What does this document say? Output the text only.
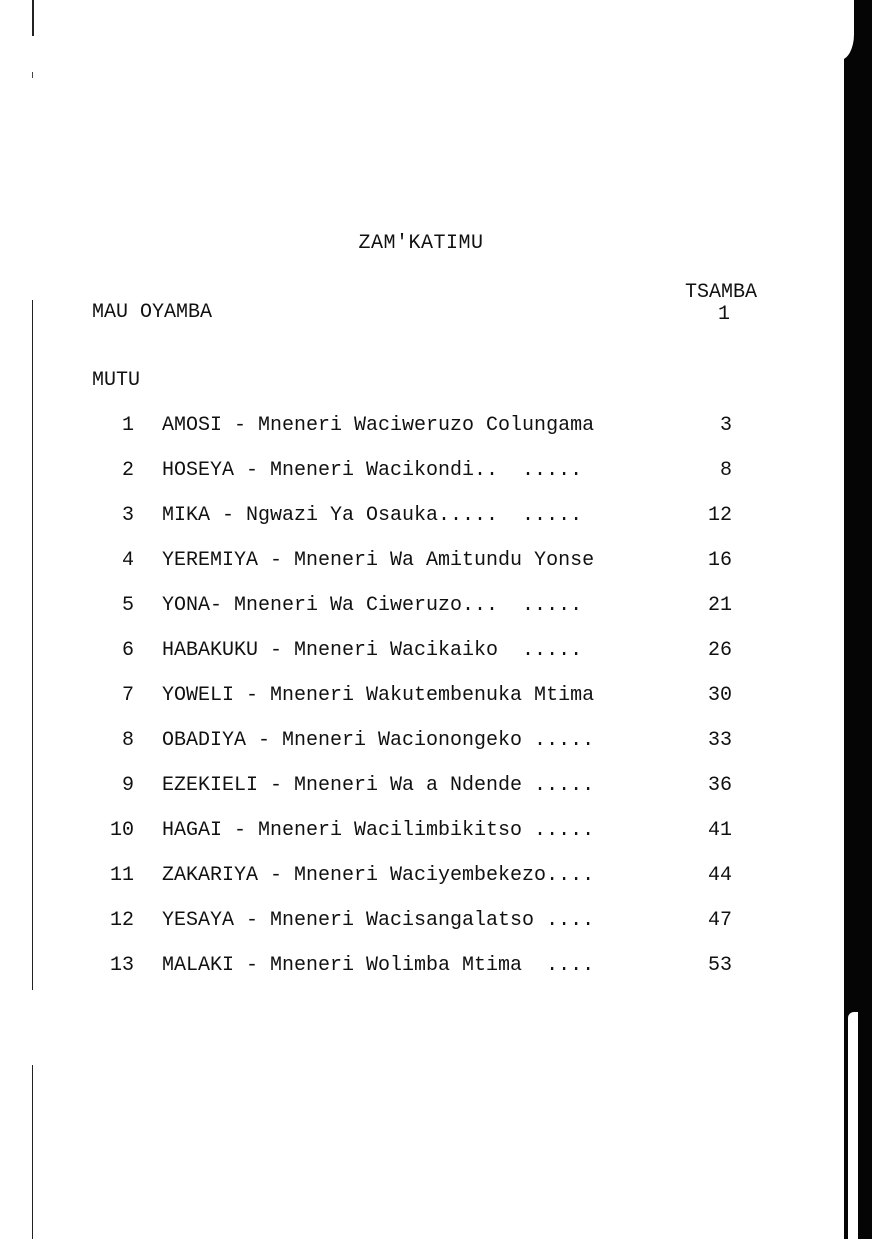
ZAM'KATIMU
TSAMBA
MAU OYAMBA	1
MUTU
1 AMOSI - Mneneri Waciweruzo Colungama	3
2 HOSEYA - Mneneri Wacikondi..  .....	8
3 MIKA - Ngwazi Ya Osauka.....  .....	12
4 YEREMIYA - Mneneri Wa Amitundu Yonse	16
5 YONA- Mneneri Wa Ciweruzo...  .....	21
6 HABAKUKU - Mneneri Wacikaiko  .....	26
7 YOWELI - Mneneri Wakutembenuka Mtima	30
8 OBADIYA - Mneneri Wacionongeko .....	33
9 EZEKIELI - Mneneri Wa a Ndende .....	36
10 HAGAI - Mneneri Wacilimbikitso .....	41
11 ZAKARIYA - Mneneri Waciyembekezo....	44
12 YESAYA - Mneneri Wacisangalatso ....	47
13 MALAKI - Mneneri Wolimba Mtima  ....	53
